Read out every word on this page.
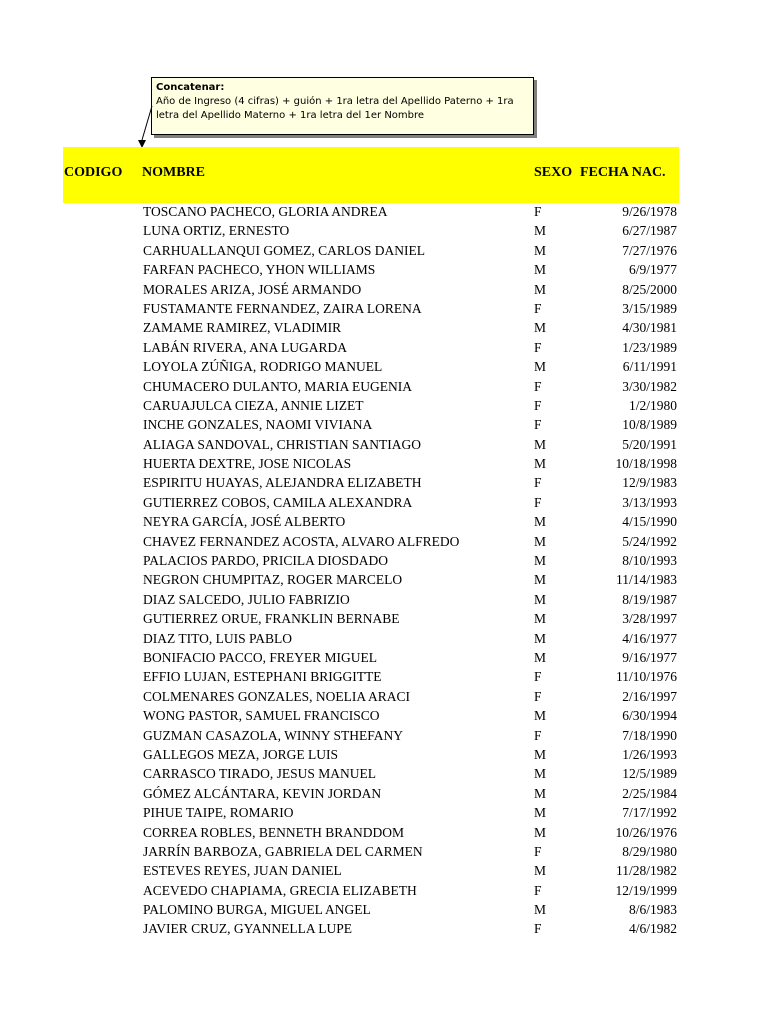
Concatenar:
Año de Ingreso (4 cifras) + guión + 1ra letra del Apellido Paterno + 1ra letra del Apellido Materno + 1ra letra del 1er Nombre
CODIGO NOMBRE	SEXO FECHA NAC.
TOSCANO PACHECO, GLORIA ANDREA	F	9/26/1978
LUNA ORTIZ, ERNESTO	M	6/27/1987
CARHUALLANQUI GOMEZ, CARLOS DANIEL	M	7/27/1976
FARFAN PACHECO, YHON WILLIAMS	M	6/9/1977
MORALES ARIZA, JOSÉ ARMANDO	M	8/25/2000
FUSTAMANTE FERNANDEZ, ZAIRA LORENA	F	3/15/1989
ZAMAME RAMIREZ, VLADIMIR	M	4/30/1981
LABÁN RIVERA, ANA LUGARDA	F	1/23/1989
LOYOLA ZÚÑIGA, RODRIGO MANUEL	M	6/11/1991
CHUMACERO DULANTO, MARIA EUGENIA	F	3/30/1982
CARUAJULCA CIEZA, ANNIE LIZET	F	1/2/1980
INCHE GONZALES, NAOMI VIVIANA	F	10/8/1989
ALIAGA SANDOVAL, CHRISTIAN SANTIAGO	M	5/20/1991
HUERTA DEXTRE, JOSE NICOLAS	M	10/18/1998
ESPIRITU HUAYAS, ALEJANDRA ELIZABETH	F	12/9/1983
GUTIERREZ COBOS, CAMILA ALEXANDRA	F	3/13/1993
NEYRA GARCÍA, JOSÉ ALBERTO	M	4/15/1990
CHAVEZ FERNANDEZ ACOSTA, ALVARO ALFREDO	M	5/24/1992
PALACIOS PARDO, PRICILA DIOSDADO	M	8/10/1993
NEGRON CHUMPITAZ, ROGER MARCELO	M	11/14/1983
DIAZ SALCEDO, JULIO FABRIZIO	M	8/19/1987
GUTIERREZ ORUE, FRANKLIN BERNABE	M	3/28/1997
DIAZ TITO, LUIS PABLO	M	4/16/1977
BONIFACIO PACCO, FREYER MIGUEL	M	9/16/1977
EFFIO LUJAN, ESTEPHANI BRIGGITTE	F	11/10/1976
COLMENARES GONZALES, NOELIA ARACI	F	2/16/1997
WONG PASTOR, SAMUEL FRANCISCO	M	6/30/1994
GUZMAN CASAZOLA, WINNY STHEFANY	F	7/18/1990
GALLEGOS MEZA, JORGE LUIS	M	1/26/1993
CARRASCO TIRADO, JESUS MANUEL	M	12/5/1989
GÓMEZ ALCÁNTARA, KEVIN JORDAN	M	2/25/1984
PIHUE TAIPE, ROMARIO	M	7/17/1992
CORREA ROBLES, BENNETH BRANDDOM	M	10/26/1976
JARRÍN BARBOZA, GABRIELA DEL CARMEN	F	8/29/1980
ESTEVES REYES, JUAN DANIEL	M	11/28/1982
ACEVEDO CHAPIAMA, GRECIA ELIZABETH	F	12/19/1999
PALOMINO BURGA, MIGUEL ANGEL	M	8/6/1983
JAVIER CRUZ, GYANNELLA LUPE	F	4/6/1982
